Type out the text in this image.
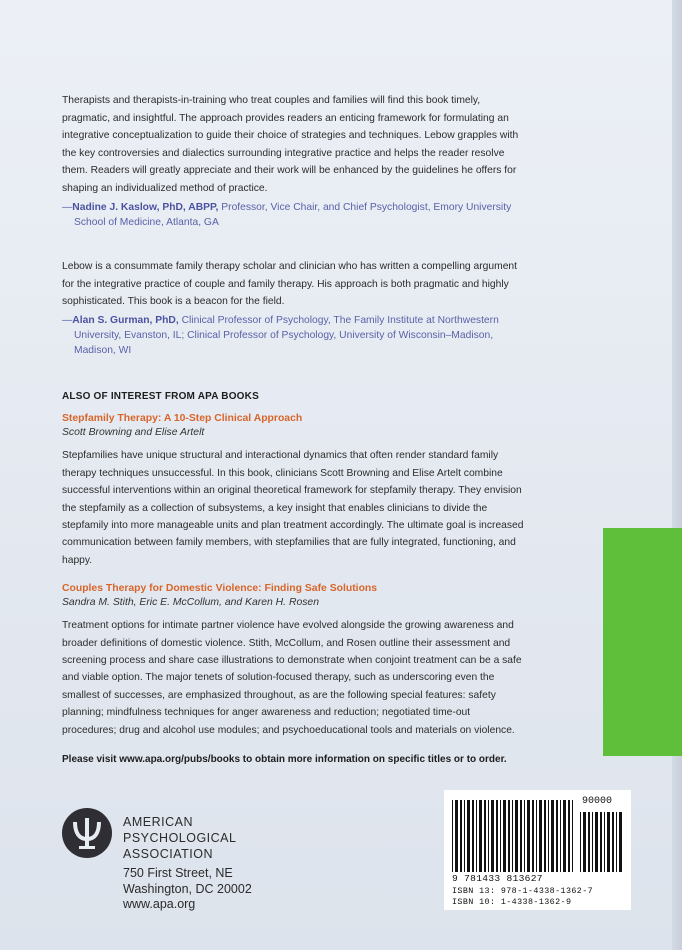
Therapists and therapists-in-training who treat couples and families will find this book timely, pragmatic, and insightful. The approach provides readers an enticing framework for formulating an integrative conceptualization to guide their choice of strategies and techniques. Lebow grapples with the key controversies and dialectics surrounding integrative practice and helps the reader resolve them. Readers will greatly appreciate and their work will be enhanced by the guidelines he offers for shaping an individualized method of practice.

—Nadine J. Kaslow, PhD, ABPP, Professor, Vice Chair, and Chief Psychologist, Emory University School of Medicine, Atlanta, GA

Lebow is a consummate family therapy scholar and clinician who has written a compelling argument for the integrative practice of couple and family therapy. His approach is both pragmatic and highly sophisticated. This book is a beacon for the field.

—Alan S. Gurman, PhD, Clinical Professor of Psychology, The Family Institute at Northwestern University, Evanston, IL; Clinical Professor of Psychology, University of Wisconsin–Madison, Madison, WI

ALSO OF INTEREST FROM APA BOOKS

Stepfamily Therapy: A 10-Step Clinical Approach

Scott Browning and Elise Artelt

Stepfamilies have unique structural and interactional dynamics that often render standard family therapy techniques unsuccessful. In this book, clinicians Scott Browning and Elise Artelt combine successful interventions within an original theoretical framework for stepfamily therapy. They envision the stepfamily as a collection of subsystems, a key insight that enables clinicians to divide the stepfamily into more manageable units and plan treatment accordingly. The ultimate goal is increased communication between family members, with stepfamilies that are fully integrated, functioning, and happy.

Couples Therapy for Domestic Violence: Finding Safe Solutions

Sandra M. Stith, Eric E. McCollum, and Karen H. Rosen

Treatment options for intimate partner violence have evolved alongside the growing awareness and broader definitions of domestic violence. Stith, McCollum, and Rosen outline their assessment and screening process and share case illustrations to demonstrate when conjoint treatment can be a safe and viable option. The major tenets of solution-focused therapy, such as underscoring even the smallest of successes, are emphasized throughout, as are the following special features: safety planning; mindfulness techniques for anger awareness and reduction; negotiated time-out procedures; drug and alcohol use modules; and psychoeducational tools and materials on violence.

Please visit www.apa.org/pubs/books to obtain more information on specific titles or to order.

AMERICAN
PSYCHOLOGICAL
ASSOCIATION
750 First Street, NE
Washington, DC 20002
www.apa.org
90000
9 781433 813627
ISBN 13: 978-1-4338-1362-7
ISBN 10: 1-4338-1362-9
